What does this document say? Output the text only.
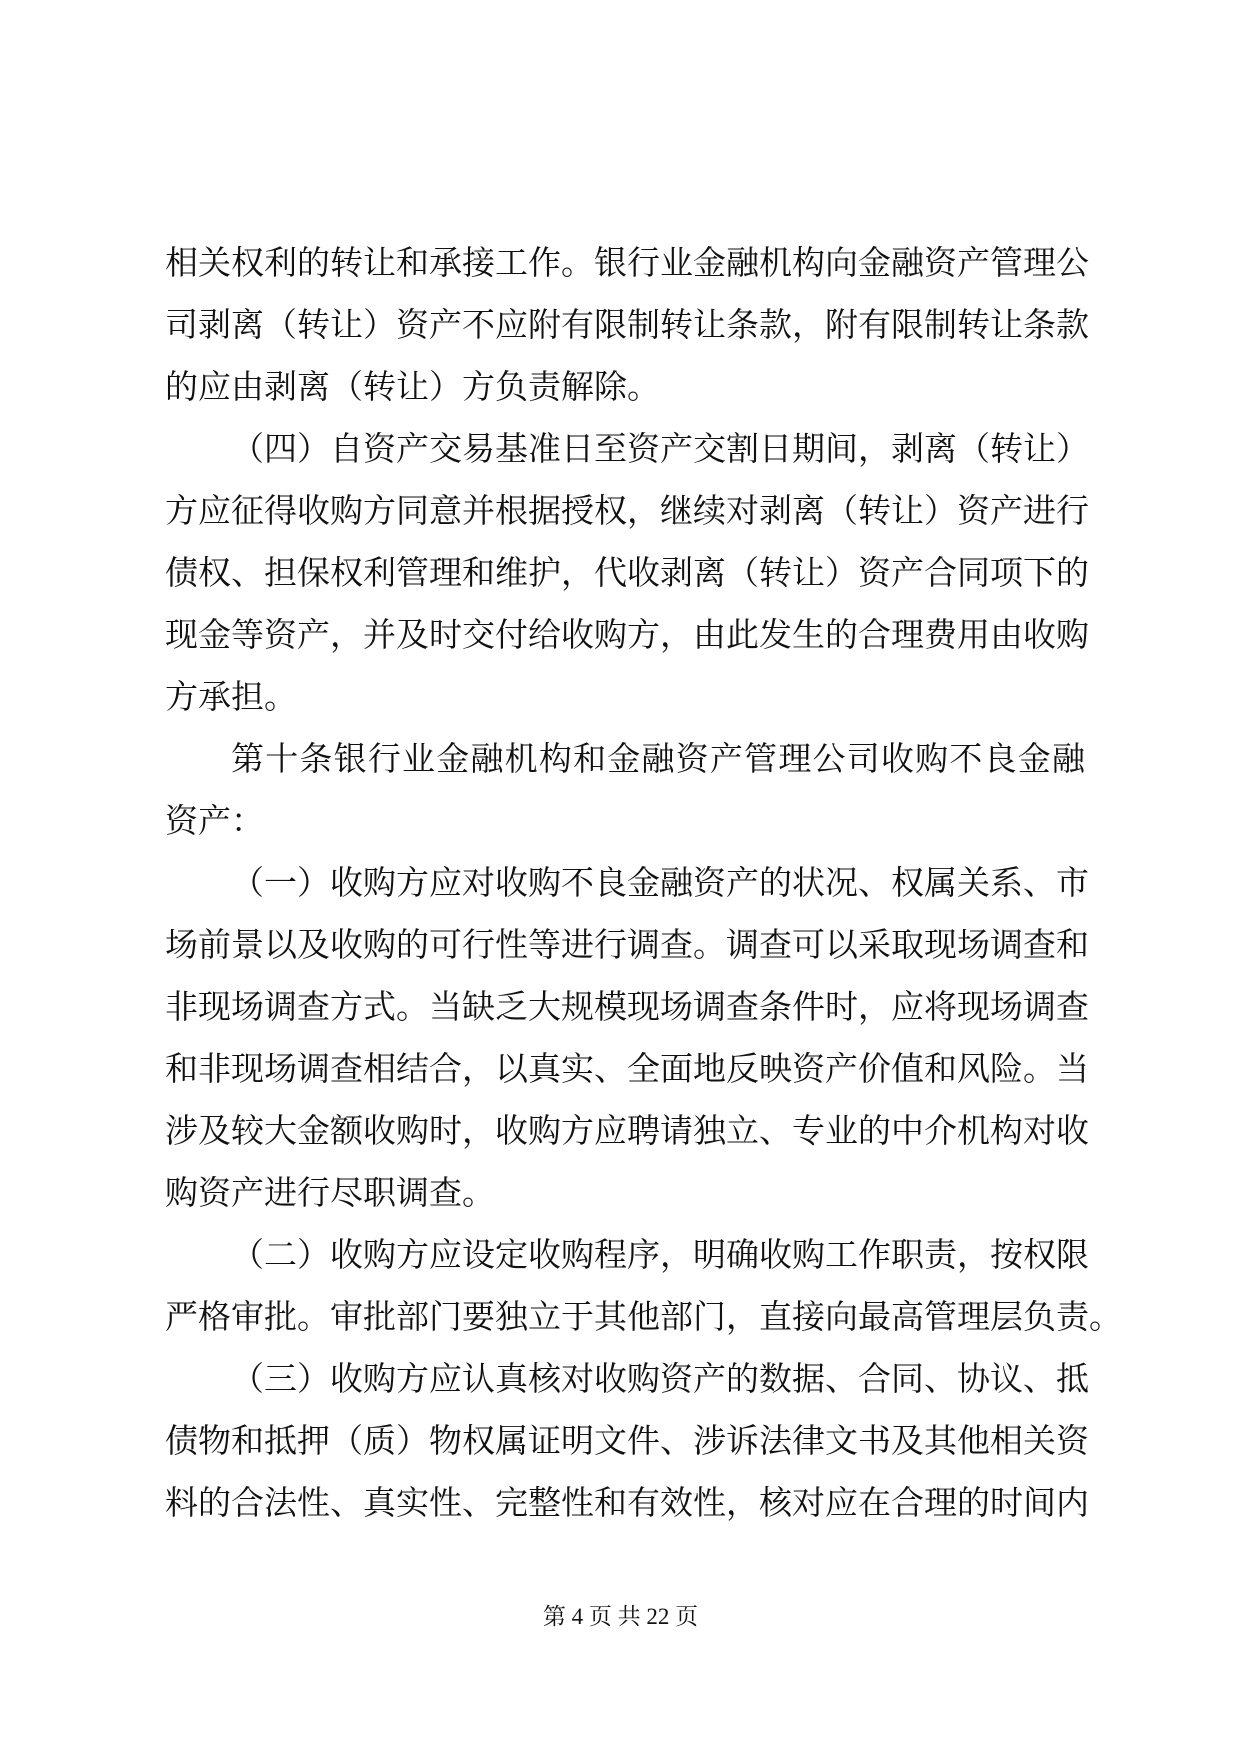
相关权利的转让和承接工作。银行业金融机构向金融资产管理公
司剥离（转让）资产不应附有限制转让条款，附有限制转让条款
的应由剥离（转让）方负责解除。
（四）自资产交易基准日至资产交割日期间，剥离（转让）
方应征得收购方同意并根据授权，继续对剥离（转让）资产进行
债权、担保权利管理和维护，代收剥离（转让）资产合同项下的
现金等资产，并及时交付给收购方，由此发生的合理费用由收购
方承担。
第十条银行业金融机构和金融资产管理公司收购不良金融
资产：
（一）收购方应对收购不良金融资产的状况、权属关系、市
场前景以及收购的可行性等进行调查。调查可以采取现场调查和
非现场调查方式。当缺乏大规模现场调查条件时，应将现场调查
和非现场调查相结合，以真实、全面地反映资产价值和风险。当
涉及较大金额收购时，收购方应聘请独立、专业的中介机构对收
购资产进行尽职调查。
（二）收购方应设定收购程序，明确收购工作职责，按权限
严格审批。审批部门要独立于其他部门，直接向最高管理层负责。
（三）收购方应认真核对收购资产的数据、合同、协议、抵
债物和抵押（质）物权属证明文件、涉诉法律文书及其他相关资
料的合法性、真实性、完整性和有效性，核对应在合理的时间内
第 4 页 共 22 页
